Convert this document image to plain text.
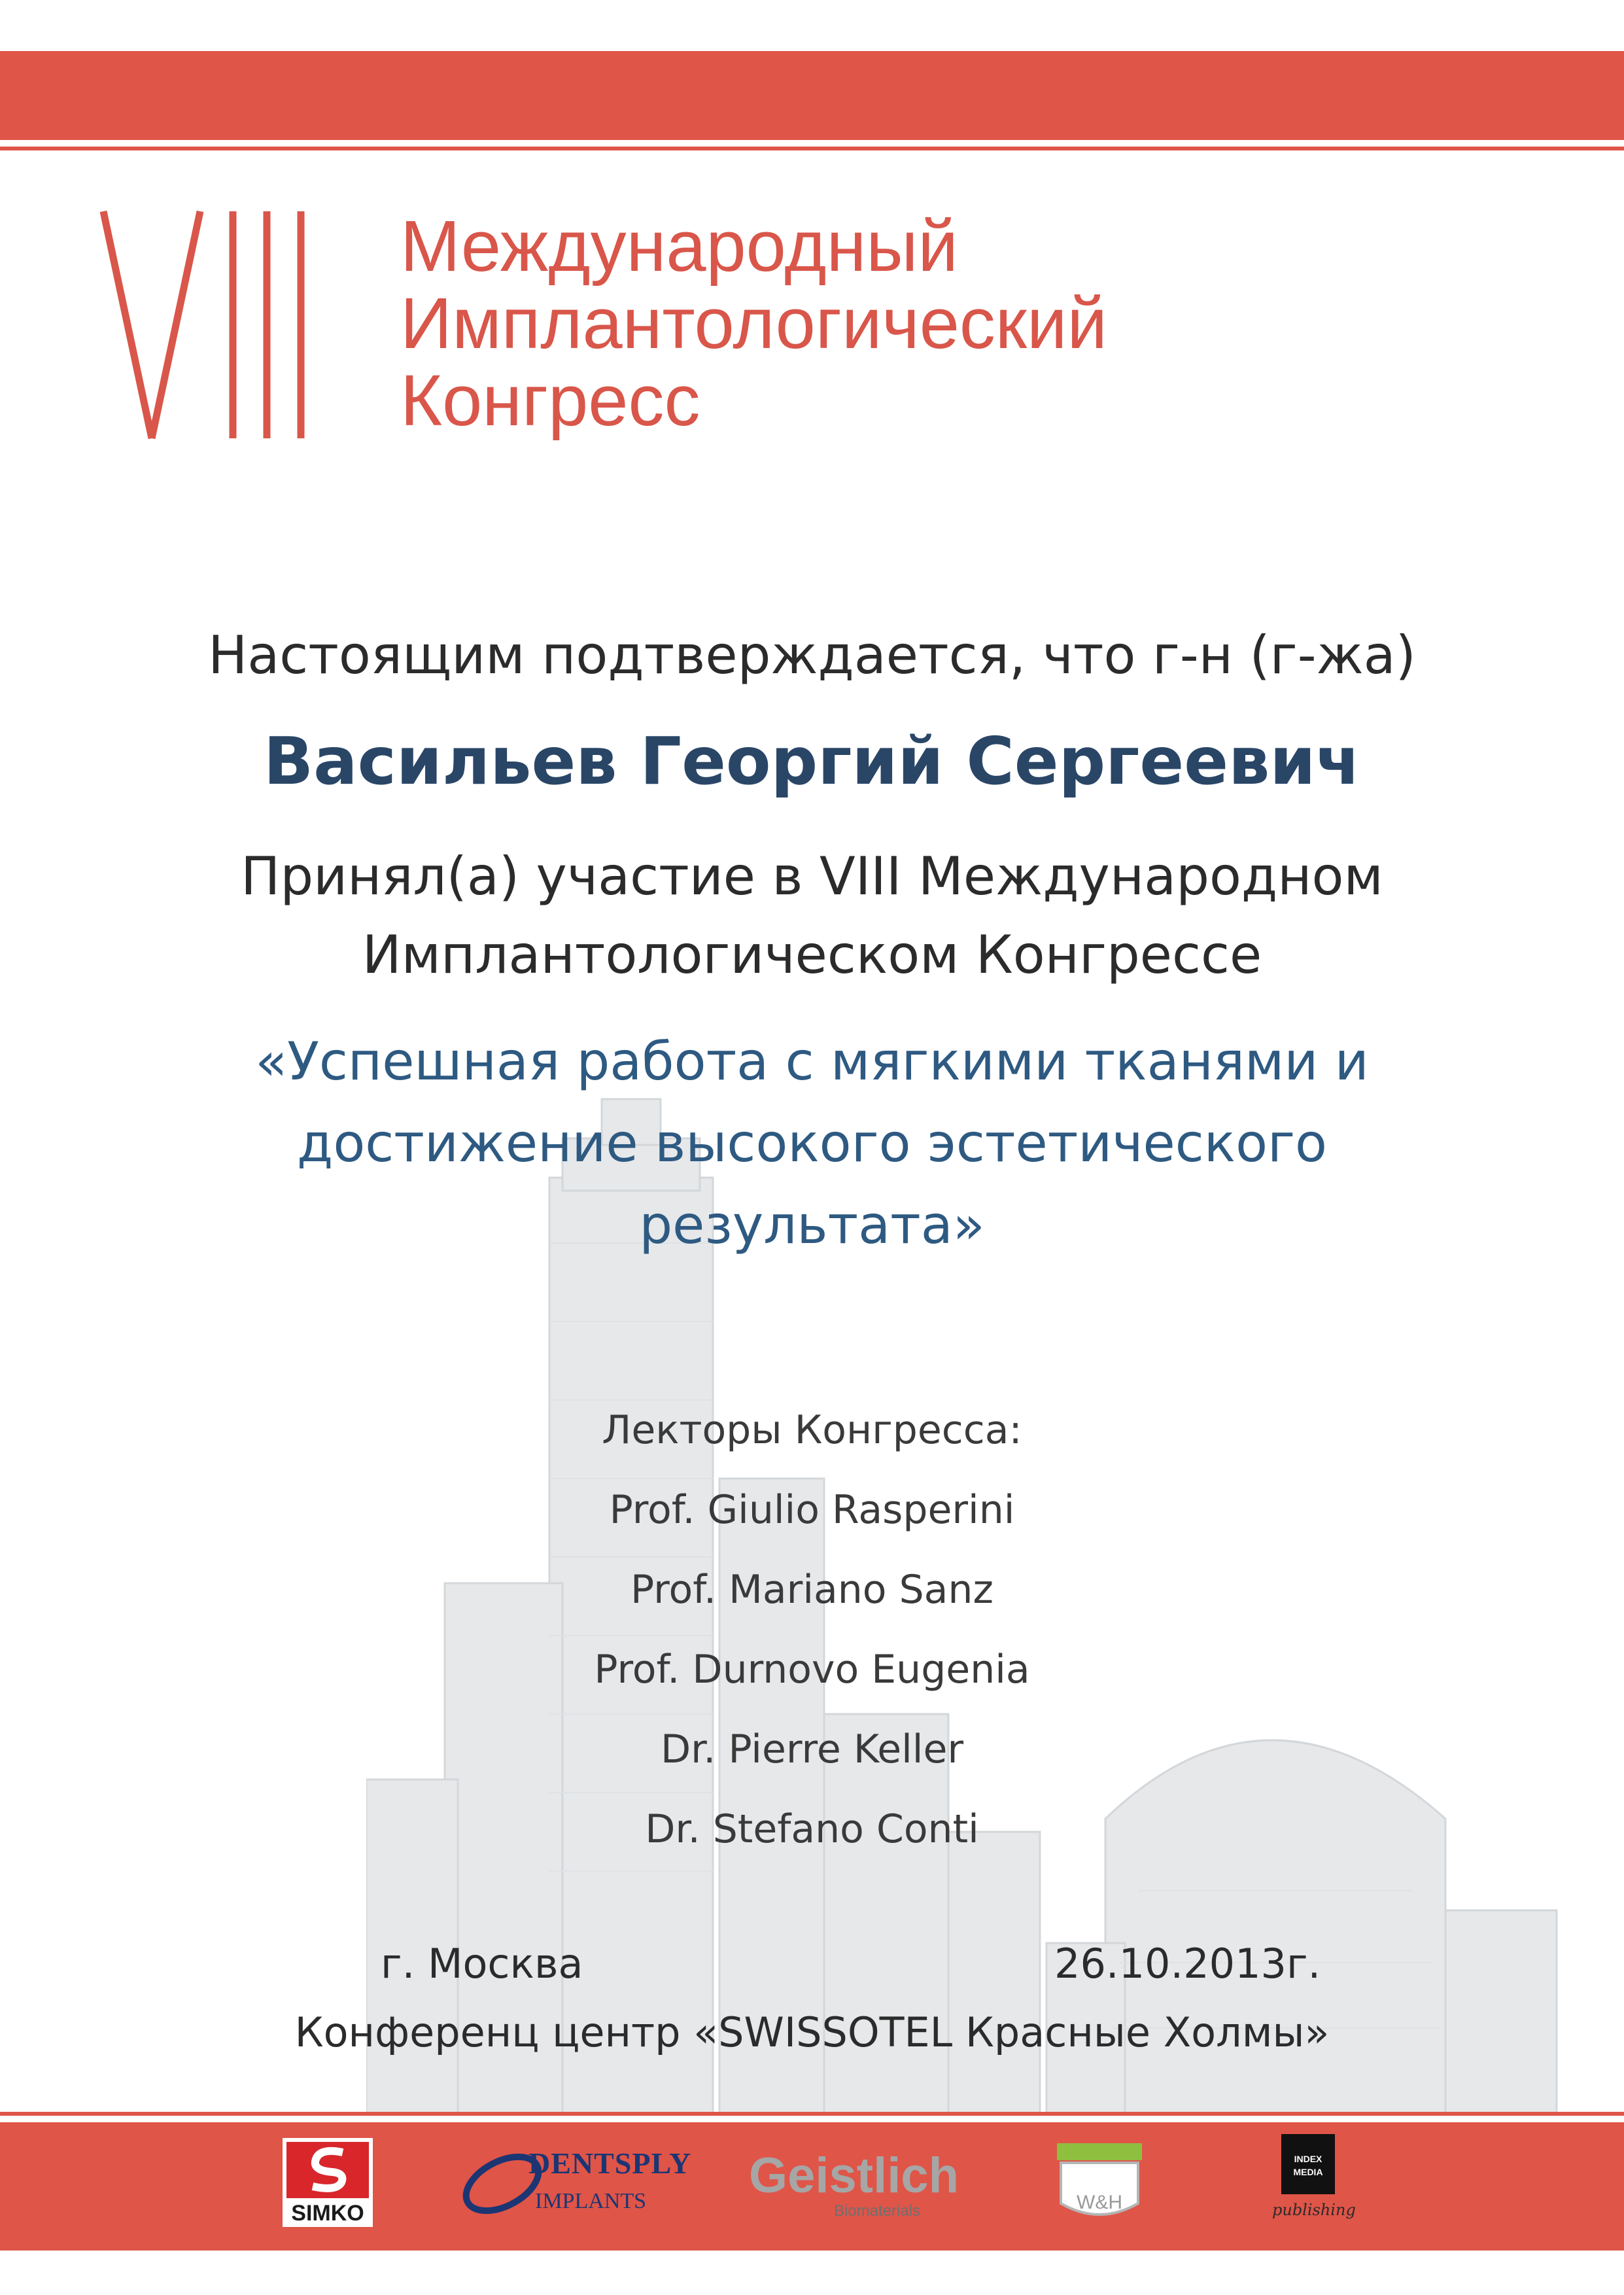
Международный
Имплантологический
Конгресс
Настоящим подтверждается, что г-н (г-жа)
Васильев Георгий Сергеевич
Принял(а) участие в VIII Международном
Имплантологическом Конгрессе
«Успешная работа с мягкими тканями и
достижение высокого эстетического
результата»
Лекторы Конгресса:
Prof. Giulio Rasperini
Prof. Mariano Sanz
Prof. Durnovo Eugenia
Dr. Pierre Keller
Dr. Stefano Conti
г. Москва	26.10.2013г.
Конференц центр «SWISSOTEL Красные Холмы»
SIMKO
DENTSPLY
IMPLANTS Geistlich
Biomaterials	W&H
INDEX
MEDIA
publishing
